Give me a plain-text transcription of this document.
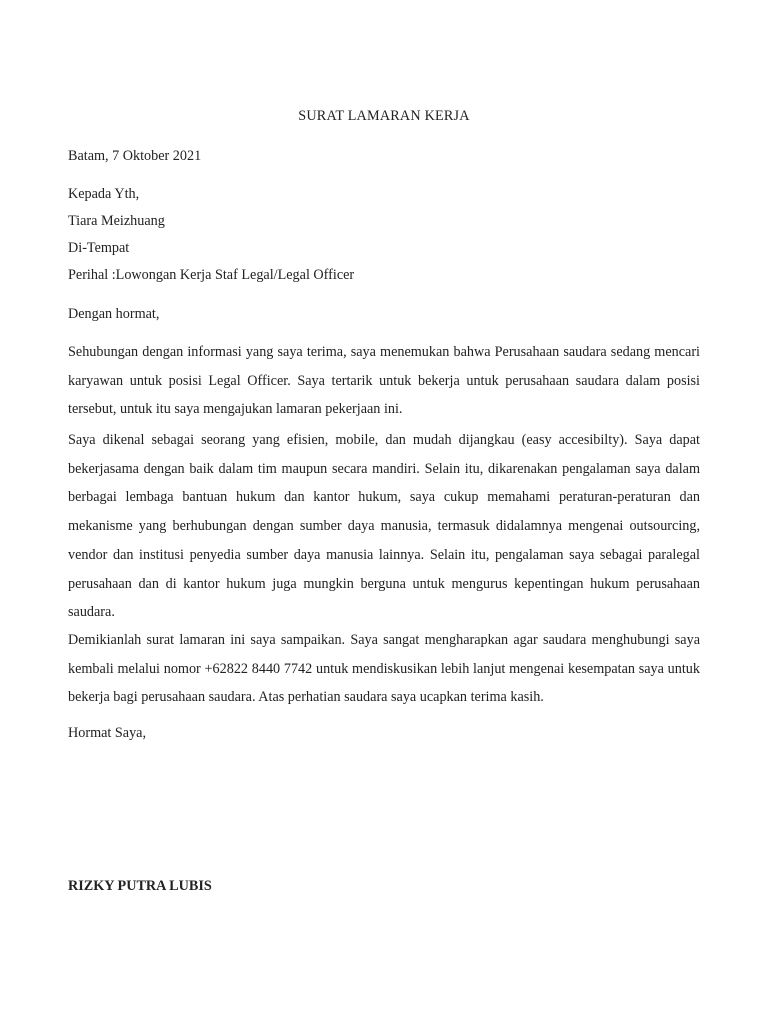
SURAT LAMARAN KERJA
Batam, 7 Oktober 2021
Kepada Yth,
Tiara Meizhuang
Di-Tempat
Perihal :Lowongan Kerja Staf Legal/Legal Officer
Dengan hormat,
Sehubungan dengan informasi yang saya terima, saya menemukan bahwa Perusahaan saudara sedang mencari karyawan untuk posisi Legal Officer. Saya tertarik untuk bekerja untuk perusahaan saudara dalam posisi tersebut, untuk itu saya mengajukan lamaran pekerjaan ini.
Saya dikenal sebagai seorang yang efisien, mobile, dan mudah dijangkau (easy accesibilty). Saya dapat bekerjasama dengan baik dalam tim maupun secara mandiri. Selain itu, dikarenakan pengalaman saya dalam berbagai lembaga bantuan hukum dan kantor hukum, saya cukup memahami peraturan-peraturan dan mekanisme yang berhubungan dengan sumber daya manusia, termasuk didalamnya mengenai outsourcing, vendor dan institusi penyedia sumber daya manusia lainnya. Selain itu, pengalaman saya sebagai paralegal perusahaan dan di kantor hukum juga mungkin berguna untuk mengurus kepentingan hukum perusahaan saudara.
Demikianlah surat lamaran ini saya sampaikan. Saya sangat mengharapkan agar saudara menghubungi saya kembali melalui nomor +62822 8440 7742 untuk mendiskusikan lebih lanjut mengenai kesempatan saya untuk bekerja bagi perusahaan saudara. Atas perhatian saudara saya ucapkan terima kasih.
Hormat Saya,
RIZKY PUTRA LUBIS
